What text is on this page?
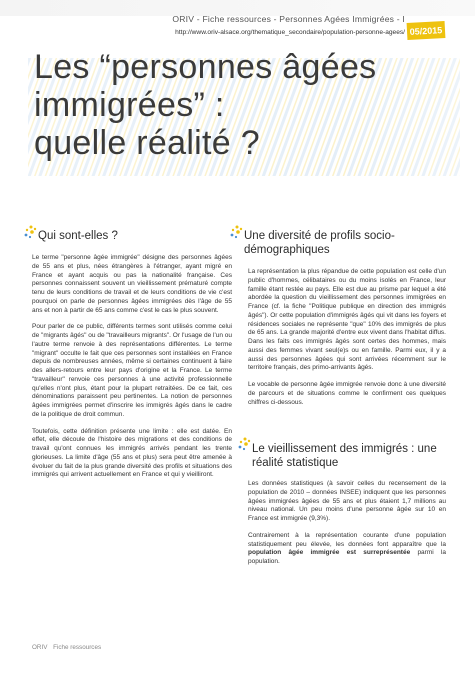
ORIV - Fiche ressources - Personnes Agées Immigrées - I
http://www.oriv-alsace.org/thematique_secondaire/population-personne-agees/ 05/2015
Les “personnes âgées
immigrées” :
quelle réalité ?
Qui sont-elles ?

Le terme "personne âgée immigrée" désigne des personnes âgées de 55 ans et plus, nées étrangères à l'étranger, ayant migré en France et ayant acquis ou pas la nationalité française. Ces personnes connaissent souvent un vieillissement prématuré compte tenu de leurs conditions de travail et de leurs conditions de vie c'est pourquoi on parle de personnes âgées immigrées dès l'âge de 55 ans et non à partir de 65 ans comme c'est le cas le plus souvent.

Pour parler de ce public, différents termes sont utilisés comme celui de "migrants âgés" ou de "travailleurs migrants". Or l'usage de l'un ou l'autre terme renvoie à des représentations différentes. Le terme "migrant" occulte le fait que ces personnes sont installées en France depuis de nombreuses années, même si certaines continuent à faire des allers-retours entre leur pays d'origine et la France. Le terme "travailleur" renvoie ces personnes à une activité professionnelle qu'elles n'ont plus, étant pour la plupart retraitées. De ce fait, ces dénominations paraissent peu pertinentes. La notion de personnes âgées immigrées permet d'inscrire les immigrés âgés dans le cadre de la politique de droit commun.

Toutefois, cette définition présente une limite : elle est datée. En effet, elle découle de l'histoire des migrations et des conditions de travail qu'ont connues les immigrés arrivés pendant les trente glorieuses. La limite d'âge (55 ans et plus) sera peut être amenée à évoluer du fait de la plus grande diversité des profils et situations des immigrés qui arrivent actuellement en France et qui y vieilliront.

Une diversité de profils socio-démographiques

La représentation la plus répandue de cette population est celle d'un public d'hommes, célibataires ou du moins isolés en France, leur famille étant restée au pays. Elle est due au prisme par lequel a été abordée la question du vieillissement des personnes immigrées en France (cf. la fiche "Politique publique en direction des immigrés âgés"). Or cette population d'immigrés âgés qui vit dans les foyers et résidences sociales ne représente "que" 10% des immigrés de plus de 65 ans. La grande majorité d'entre eux vivent dans l'habitat diffus. Dans les faits ces immigrés âgés sont certes des hommes, mais aussi des femmes vivant seul(e)s ou en famille. Parmi eux, il y a aussi des personnes âgées qui sont arrivées récemment sur le territoire français, des primo-arrivants âgés.

Le vocable de personne âgée immigrée renvoie donc à une diversité de parcours et de situations comme le confirment ces quelques chiffres ci-dessous.

Le vieillissement des immigrés : une réalité statistique

Les données statistiques (à savoir celles du recensement de la population de 2010 – données INSEE) indiquent que les personnes âgées immigrées âgées de 55 ans et plus étaient 1,7 millions au niveau national. Un peu moins d'une personne âgée sur 10 en France est immigrée (9,3%).

Contrairement à la représentation courante d'une population statistiquement peu élevée, les données font apparaître que la population âgée immigrée est surreprésentée parmi la population.

ORIV Fiche ressources
